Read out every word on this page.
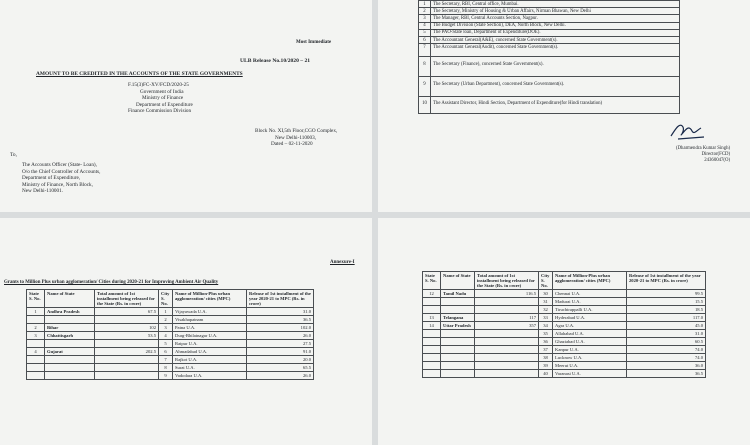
Most Immediate
ULB Release No.10/2020 – 21
AMOUNT TO BE CREDITED IN THE ACCOUNTS OF THE STATE GOVERNMENTS
F.15(3)FC-XV/FCD/2020-25
Government of India
Ministry of Finance
Department of Expenditure
Finance Commission Division
Block No. XI,5th Floor,CGO Complex,
New Delhi-110003,
Dated – 02-11-2020
To,
The Accounts Officer (State- Loan),
O/o the Chief Controller of Accounts,
Department of Expenditure,
Ministry of Finance, North Block,
New Delhi-110001.
1	The Secretary, RBI, Central office, Mumbai.
2	The Secretary, Ministry of Housing & Urban Affairs, Nirman Bhawan, New Delhi
3	The Manager, RBI, Central Accounts Section, Nagpur.
4	The Budget Division (State Section), DEA, North Block, New Delhi.
5	The PAO-State loan, Department of Expenditure(DOE).
6	The Accountant General(A&E), concerned State Government(s).
7	The Accountant General(Audit), concerned State Government(s).
8	The Secretary (Finance), concerned State Government(s).
9	The Secretary (Urban Department), concerned State Government(s).
10	The Assistant Director, Hindi Section, Department of Expenditure(for Hindi translation)
(Dharmendra Kumar Singh)
Director(FCD)
24360047(O)
Annexure-I
Grants to Million Plus urban agglomeration/ Cities during 2020-21 for Improving Ambient Air Quality
State S. No.	Name of State	Total amount of 1st installment being released for the State (Rs. in crore)	City S. No.	Name of Million-Plus urban agglomeration/ cities (MPC)	Release of 1st installment of the year 2020-21 to MPC (Rs. in crore)
1	Andhra Pradesh	67.5	1	Vijayawada U.A.	31.0
			2	Visakhapatnam	36.5
2	Bihar	102	3	Patna U.A.	102.0
3	Chhattisgarh	53.5	4	Durg-Bhilainagar U.A.	26.0
			5	Raipur U.A.	27.5
4	Gujarat	202.5	6	Ahmadabad U.A.	91.0
			7	Rajkot U.A.	20.0
			8	Surat U.A.	65.5
			9	Vadodara U.A.	26.0
State S. No.	Name of State	Total amount of 1st installment being released for the State (Rs. in crore)	City S. No.	Name of Million-Plus urban agglomeration/ cities (MPC)	Release of 1st installment of the year 2020-21 to MPC (Rs. in crore)
12	Tamil Nadu	116.5	30	Chennai U.A.	99.5
			31	Madurai U.A.	15.5
			32	Tiruchirappalli U.A.	18.5
13	Telangana	117	33	Hyderabad U.A.	117.0
14	Uttar Pradesh	357	34	Agra U.A.	45.0
			35	Allahabad U.A.	31.0
			36	Ghaziabad U.A.	60.5
			37	Kanpur U.A.	74.0
			38	Lucknow U.A.	74.0
			39	Meerut U.A.	36.0
			40	Varanasi U.A.	36.5
